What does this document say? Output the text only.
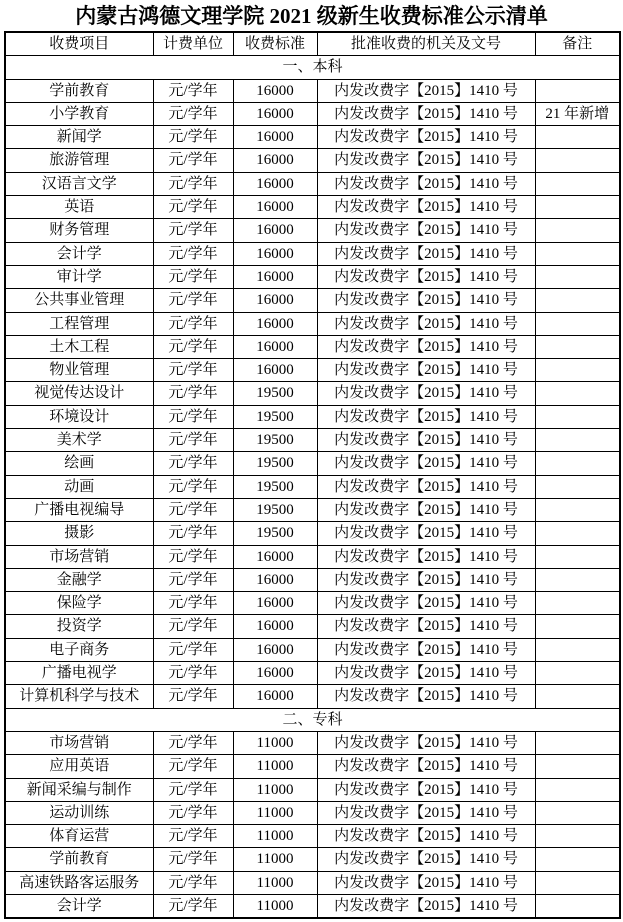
内蒙古鸿德文理学院 2021 级新生收费标准公示清单
收费项目	计费单位	收费标准	批准收费的机关及文号	备注
一、本科				
学前教育	元/学年	16000	内发改费字【2015】1410 号	
小学教育	元/学年	16000	内发改费字【2015】1410 号	21 年新增
新闻学	元/学年	16000	内发改费字【2015】1410 号	
旅游管理	元/学年	16000	内发改费字【2015】1410 号	
汉语言文学	元/学年	16000	内发改费字【2015】1410 号	
英语	元/学年	16000	内发改费字【2015】1410 号	
财务管理	元/学年	16000	内发改费字【2015】1410 号	
会计学	元/学年	16000	内发改费字【2015】1410 号	
审计学	元/学年	16000	内发改费字【2015】1410 号	
公共事业管理	元/学年	16000	内发改费字【2015】1410 号	
工程管理	元/学年	16000	内发改费字【2015】1410 号	
土木工程	元/学年	16000	内发改费字【2015】1410 号	
物业管理	元/学年	16000	内发改费字【2015】1410 号	
视觉传达设计	元/学年	19500	内发改费字【2015】1410 号	
环境设计	元/学年	19500	内发改费字【2015】1410 号	
美术学	元/学年	19500	内发改费字【2015】1410 号	
绘画	元/学年	19500	内发改费字【2015】1410 号	
动画	元/学年	19500	内发改费字【2015】1410 号	
广播电视编导	元/学年	19500	内发改费字【2015】1410 号	
摄影	元/学年	19500	内发改费字【2015】1410 号	
市场营销	元/学年	16000	内发改费字【2015】1410 号	
金融学	元/学年	16000	内发改费字【2015】1410 号	
保险学	元/学年	16000	内发改费字【2015】1410 号	
投资学	元/学年	16000	内发改费字【2015】1410 号	
电子商务	元/学年	16000	内发改费字【2015】1410 号	
广播电视学	元/学年	16000	内发改费字【2015】1410 号	
计算机科学与技术	元/学年	16000	内发改费字【2015】1410 号	
二、专科				
市场营销	元/学年	11000	内发改费字【2015】1410 号	
应用英语	元/学年	11000	内发改费字【2015】1410 号	
新闻采编与制作	元/学年	11000	内发改费字【2015】1410 号	
运动训练	元/学年	11000	内发改费字【2015】1410 号	
体育运营	元/学年	11000	内发改费字【2015】1410 号	
学前教育	元/学年	11000	内发改费字【2015】1410 号	
高速铁路客运服务	元/学年	11000	内发改费字【2015】1410 号	
会计学	元/学年	11000	内发改费字【2015】1410 号	
